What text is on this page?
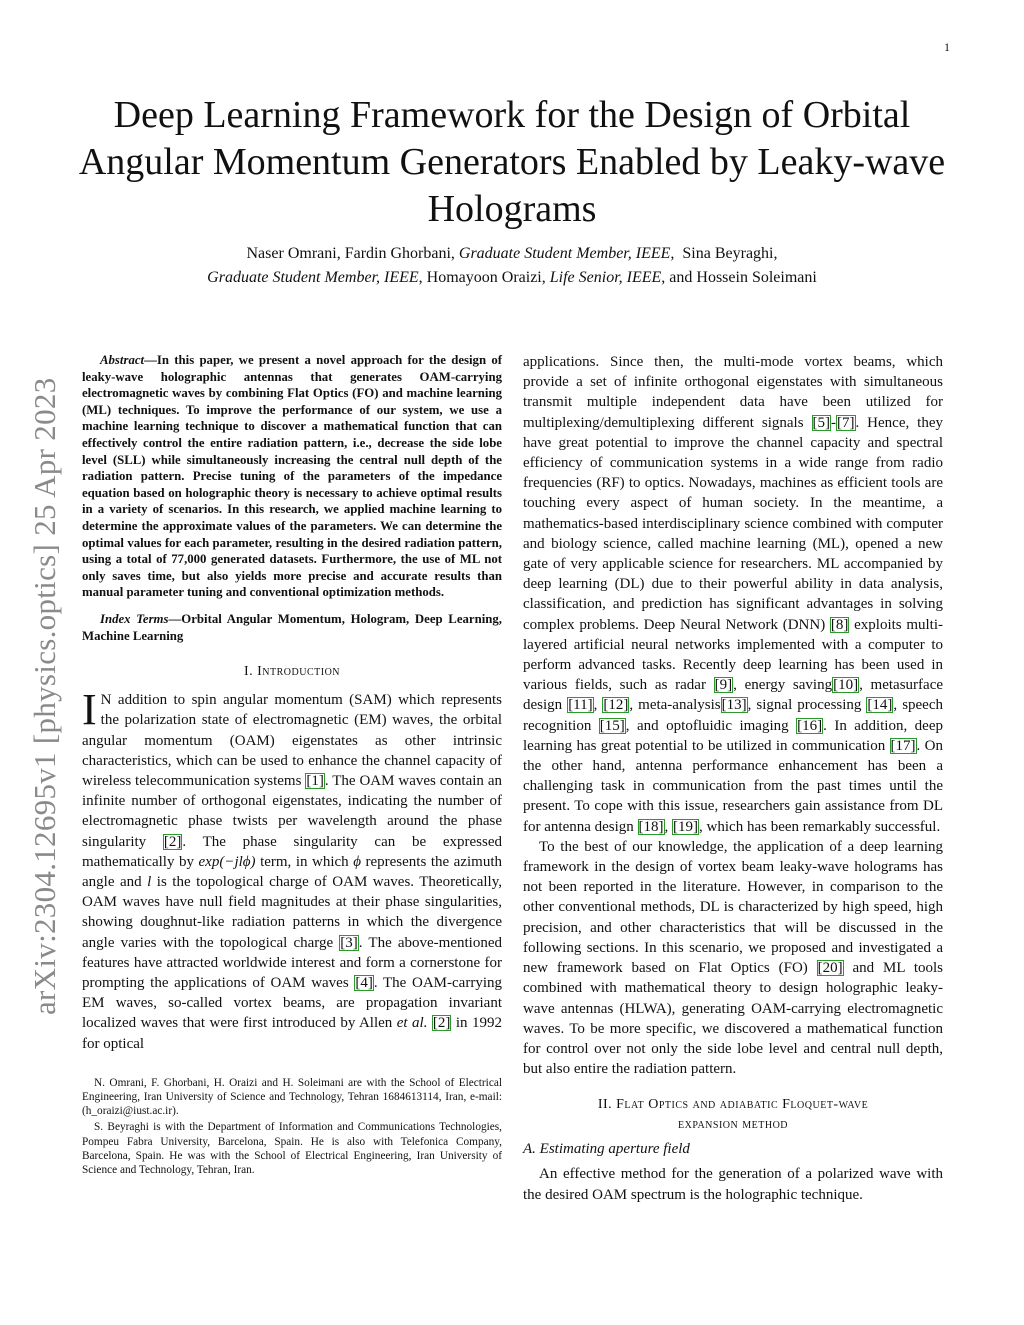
1
arXiv:2304.12695v1 [physics.optics] 25 Apr 2023
Deep Learning Framework for the Design of Orbital Angular Momentum Generators Enabled by Leaky-wave Holograms
Naser Omrani, Fardin Ghorbani, Graduate Student Member, IEEE,  Sina Beyraghi,
Graduate Student Member, IEEE, Homayoon Oraizi, Life Senior, IEEE, and Hossein Soleimani

Abstract—In this paper, we present a novel approach for the design of leaky-wave holographic antennas that generates OAM-carrying electromagnetic waves by combining Flat Optics (FO) and machine learning (ML) techniques. To improve the performance of our system, we use a machine learning technique to discover a mathematical function that can effectively control the entire radiation pattern, i.e., decrease the side lobe level (SLL) while simultaneously increasing the central null depth of the radiation pattern. Precise tuning of the parameters of the impedance equation based on holographic theory is necessary to achieve optimal results in a variety of scenarios. In this research, we applied machine learning to determine the approximate values of the parameters. We can determine the optimal values for each parameter, resulting in the desired radiation pattern, using a total of 77,000 generated datasets. Furthermore, the use of ML not only saves time, but also yields more precise and accurate results than manual parameter tuning and conventional optimization methods.

Index Terms—Orbital Angular Momentum, Hologram, Deep Learning, Machine Learning

I. Introduction

I N addition to spin angular momentum (SAM) which represents the polarization state of electromagnetic (EM) waves, the orbital angular momentum (OAM) eigenstates as other intrinsic characteristics, which can be used to enhance the channel capacity of wireless telecommunication systems [1]. The OAM waves contain an infinite number of orthogonal eigenstates, indicating the number of electromagnetic phase twists per wavelength around the phase singularity [2]. The phase singularity can be expressed mathematically by exp(−jlϕ) term, in which ϕ represents the azimuth angle and l is the topological charge of OAM waves. Theoretically, OAM waves have null field magnitudes at their phase singularities, showing doughnut-like radiation patterns in which the divergence angle varies with the topological charge [3]. The above-mentioned features have attracted worldwide interest and form a cornerstone for prompting the applications of OAM waves [4]. The OAM-carrying EM waves, so-called vortex beams, are propagation invariant localized waves that were first introduced by Allen et al. [2] in 1992 for optical

N. Omrani, F. Ghorbani, H. Oraizi and H. Soleimani are with the School of Electrical Engineering, Iran University of Science and Technology, Tehran 1684613114, Iran, e-mail: (h_oraizi@iust.ac.ir).

S. Beyraghi is with the Department of Information and Communications Technologies, Pompeu Fabra University, Barcelona, Spain. He is also with Telefonica Company, Barcelona, Spain. He was with the School of Electrical Engineering, Iran University of Science and Technology, Tehran, Iran.

applications. Since then, the multi-mode vortex beams, which provide a set of infinite orthogonal eigenstates with simultaneous transmit multiple independent data have been utilized for multiplexing/demultiplexing different signals [5]-[7]. Hence, they have great potential to improve the channel capacity and spectral efficiency of communication systems in a wide range from radio frequencies (RF) to optics. Nowadays, machines as efficient tools are touching every aspect of human society. In the meantime, a mathematics-based interdisciplinary science combined with computer and biology science, called machine learning (ML), opened a new gate of very applicable science for researchers. ML accompanied by deep learning (DL) due to their powerful ability in data analysis, classification, and prediction has significant advantages in solving complex problems. Deep Neural Network (DNN) [8] exploits multi-layered artificial neural networks implemented with a computer to perform advanced tasks. Recently deep learning has been used in various fields, such as radar [9], energy saving[10], metasurface design [11], [12], meta-analysis[13], signal processing [14], speech recognition [15], and optofluidic imaging [16]. In addition, deep learning has great potential to be utilized in communication [17]. On the other hand, antenna performance enhancement has been a challenging task in communication from the past times until the present. To cope with this issue, researchers gain assistance from DL for antenna design [18], [19], which has been remarkably successful.

To the best of our knowledge, the application of a deep learning framework in the design of vortex beam leaky-wave holograms has not been reported in the literature. However, in comparison to the other conventional methods, DL is characterized by high speed, high precision, and other characteristics that will be discussed in the following sections. In this scenario, we proposed and investigated a new framework based on Flat Optics (FO) [20] and ML tools combined with mathematical theory to design holographic leaky-wave antennas (HLWA), generating OAM-carrying electromagnetic waves. To be more specific, we discovered a mathematical function for control over not only the side lobe level and central null depth, but also entire the radiation pattern.

II. Flat Optics and adiabatic Floquet-wave
expansion method
A. Estimating aperture field

An effective method for the generation of a polarized wave with the desired OAM spectrum is the holographic technique.
